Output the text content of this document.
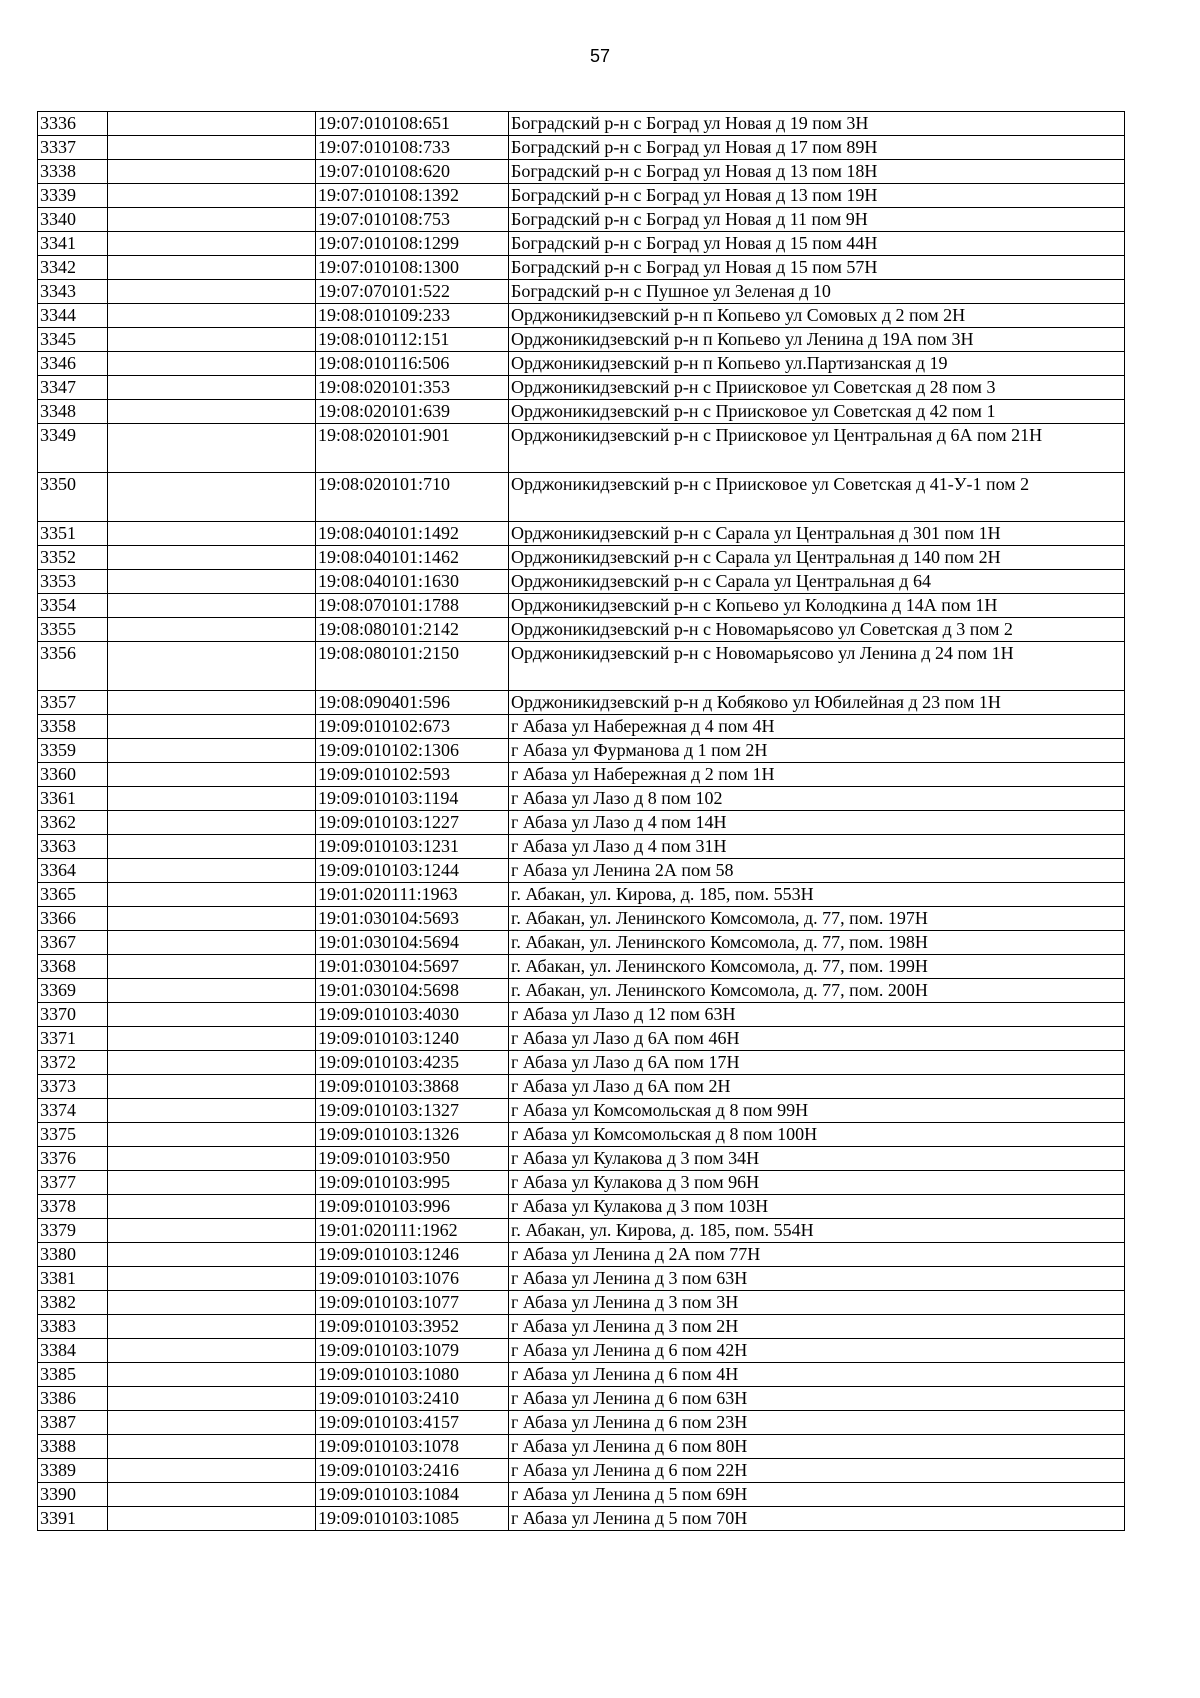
57
3336		19:07:010108:651	Боградский р-н с Боград ул Новая д 19 пом 3Н
3337		19:07:010108:733	Боградский р-н с Боград ул Новая д 17 пом 89Н
3338		19:07:010108:620	Боградский р-н с Боград ул Новая д 13 пом 18Н
3339		19:07:010108:1392	Боградский р-н с Боград ул Новая д 13 пом 19Н
3340		19:07:010108:753	Боградский р-н с Боград ул Новая д 11 пом 9Н
3341		19:07:010108:1299	Боградский р-н с Боград ул Новая д 15 пом 44Н
3342		19:07:010108:1300	Боградский р-н с Боград ул Новая д 15 пом 57Н
3343		19:07:070101:522	Боградский р-н с Пушное ул Зеленая д 10
3344		19:08:010109:233	Орджоникидзевский р-н п Копьево ул Сомовых д 2 пом 2Н
3345		19:08:010112:151	Орджоникидзевский р-н п Копьево ул Ленина д 19А пом 3Н
3346		19:08:010116:506	Орджоникидзевский р-н п Копьево ул.Партизанская д 19
3347		19:08:020101:353	Орджоникидзевский р-н с Приисковое ул Советская д 28 пом 3
3348		19:08:020101:639	Орджоникидзевский р-н с Приисковое ул Советская д 42 пом 1
3349		19:08:020101:901	Орджоникидзевский р-н с Приисковое ул Центральная д 6А пом 21Н
3350		19:08:020101:710	Орджоникидзевский р-н с Приисковое ул Советская д 41-У-1 пом 2
3351		19:08:040101:1492	Орджоникидзевский р-н с Сарала ул Центральная д 301 пом 1Н
3352		19:08:040101:1462	Орджоникидзевский р-н с Сарала ул Центральная д 140 пом 2Н
3353		19:08:040101:1630	Орджоникидзевский р-н с Сарала ул Центральная д 64
3354		19:08:070101:1788	Орджоникидзевский р-н с Копьево ул Колодкина д 14А пом 1Н
3355		19:08:080101:2142	Орджоникидзевский р-н с Новомарьясово ул Советская д 3 пом 2
3356		19:08:080101:2150	Орджоникидзевский р-н с Новомарьясово ул Ленина д 24 пом 1Н
3357		19:08:090401:596	Орджоникидзевский р-н д Кобяково ул Юбилейная д 23 пом 1Н
3358		19:09:010102:673	г Абаза ул Набережная д 4 пом 4Н
3359		19:09:010102:1306	г Абаза ул Фурманова д 1 пом 2Н
3360		19:09:010102:593	г Абаза ул Набережная д 2 пом 1Н
3361		19:09:010103:1194	г Абаза ул Лазо д 8 пом 102
3362		19:09:010103:1227	г Абаза ул Лазо д 4 пом 14Н
3363		19:09:010103:1231	г Абаза ул Лазо д 4 пом 31Н
3364		19:09:010103:1244	г Абаза ул Ленина 2А пом 58
3365		19:01:020111:1963	г. Абакан, ул. Кирова, д. 185, пом. 553Н
3366		19:01:030104:5693	г. Абакан, ул. Ленинского Комсомола, д. 77, пом. 197Н
3367		19:01:030104:5694	г. Абакан, ул. Ленинского Комсомола, д. 77, пом. 198Н
3368		19:01:030104:5697	г. Абакан, ул. Ленинского Комсомола, д. 77, пом. 199Н
3369		19:01:030104:5698	г. Абакан, ул. Ленинского Комсомола, д. 77, пом. 200Н
3370		19:09:010103:4030	г Абаза ул Лазо д 12 пом 63Н
3371		19:09:010103:1240	г Абаза ул Лазо д 6А пом 46Н
3372		19:09:010103:4235	г Абаза ул Лазо д 6А пом 17Н
3373		19:09:010103:3868	г Абаза ул Лазо д 6А пом 2Н
3374		19:09:010103:1327	г Абаза ул Комсомольская д 8 пом 99Н
3375		19:09:010103:1326	г Абаза ул Комсомольская д 8 пом 100Н
3376		19:09:010103:950	г Абаза ул Кулакова д 3 пом 34Н
3377		19:09:010103:995	г Абаза ул Кулакова д 3 пом 96Н
3378		19:09:010103:996	г Абаза ул Кулакова д 3 пом 103Н
3379		19:01:020111:1962	г. Абакан, ул. Кирова, д. 185, пом. 554Н
3380		19:09:010103:1246	г Абаза ул Ленина д 2А пом 77Н
3381		19:09:010103:1076	г Абаза ул Ленина д 3 пом 63Н
3382		19:09:010103:1077	г Абаза ул Ленина д 3 пом 3Н
3383		19:09:010103:3952	г Абаза ул Ленина д 3 пом 2Н
3384		19:09:010103:1079	г Абаза ул Ленина д 6 пом 42Н
3385		19:09:010103:1080	г Абаза ул Ленина д 6 пом 4Н
3386		19:09:010103:2410	г Абаза ул Ленина д 6 пом 63Н
3387		19:09:010103:4157	г Абаза ул Ленина д 6 пом 23Н
3388		19:09:010103:1078	г Абаза ул Ленина д 6 пом 80Н
3389		19:09:010103:2416	г Абаза ул Ленина д 6 пом 22Н
3390		19:09:010103:1084	г Абаза ул Ленина д 5 пом 69Н
3391		19:09:010103:1085	г Абаза ул Ленина д 5 пом 70Н
